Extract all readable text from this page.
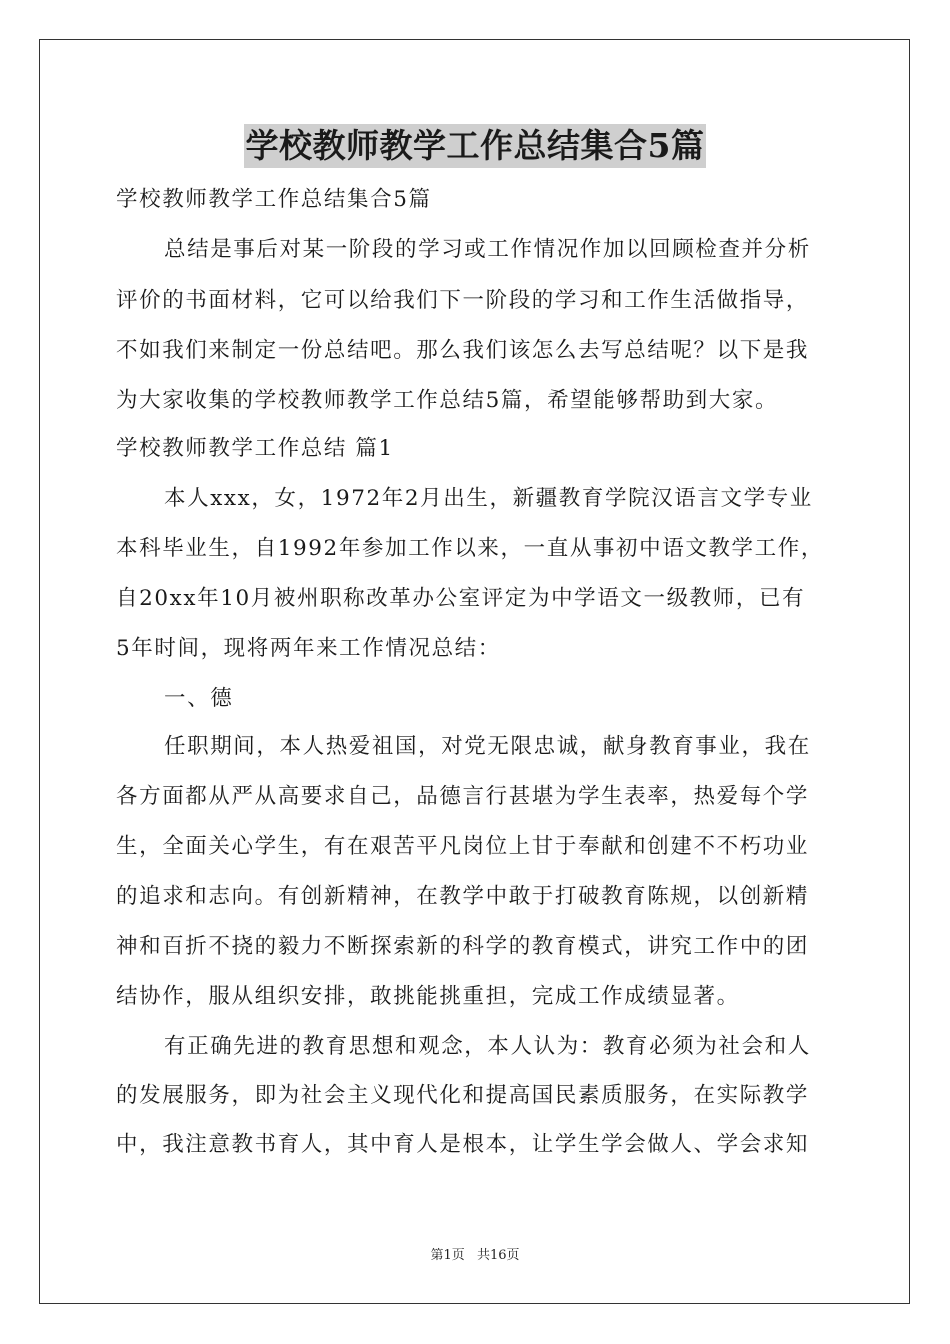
学校教师教学工作总结集合5篇

学校教师教学工作总结集合5篇

总结是事后对某一阶段的学习或工作情况作加以回顾检查并分析

评价的书面材料，它可以给我们下一阶段的学习和工作生活做指导，

不如我们来制定一份总结吧。那么我们该怎么去写总结呢？以下是我

为大家收集的学校教师教学工作总结5篇，希望能够帮助到大家。

学校教师教学工作总结 篇1

本人xxx，女，1972年2月出生，新疆教育学院汉语言文学专业

本科毕业生，自1992年参加工作以来，一直从事初中语文教学工作，

自20xx年10月被州职称改革办公室评定为中学语文一级教师，已有

5年时间，现将两年来工作情况总结：

一、德

任职期间，本人热爱祖国，对党无限忠诚，献身教育事业，我在

各方面都从严从高要求自己，品德言行甚堪为学生表率，热爱每个学

生，全面关心学生，有在艰苦平凡岗位上甘于奉献和创建不不朽功业

的追求和志向。有创新精神，在教学中敢于打破教育陈规，以创新精

神和百折不挠的毅力不断探索新的科学的教育模式，讲究工作中的团

结协作，服从组织安排，敢挑能挑重担，完成工作成绩显著。

有正确先进的教育思想和观念，本人认为：教育必须为社会和人

的发展服务，即为社会主义现代化和提高国民素质服务，在实际教学

中，我注意教书育人，其中育人是根本，让学生学会做人、学会求知

第1页 共16页
